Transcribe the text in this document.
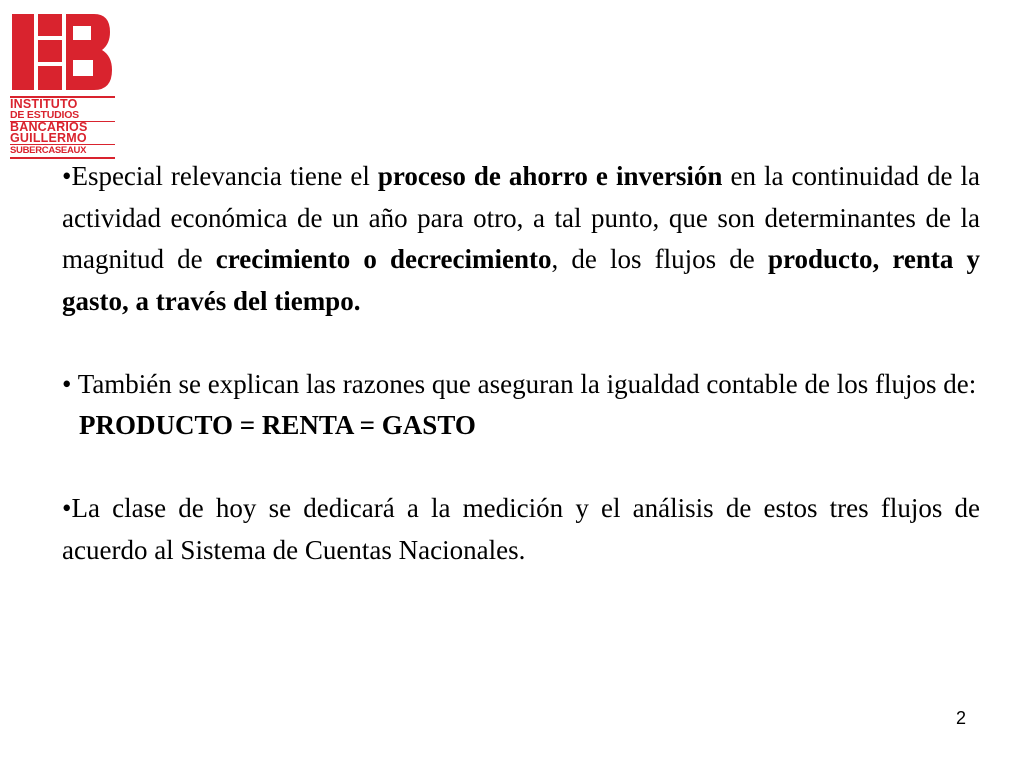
INSTITUTO
DE ESTUDIOS
BANCARIOS
GUILLERMO
SUBERCASEAUX

•Especial relevancia tiene el proceso de ahorro e inversión en la continuidad de la actividad económica de un año para otro, a tal punto, que son determinantes de la magnitud de crecimiento o decrecimiento, de los flujos de producto, renta y gasto, a través del tiempo.

• También se explican las razones que aseguran la igualdad contable de los flujos de:

PRODUCTO = RENTA = GASTO

•La clase de hoy se dedicará a la medición y el análisis de estos tres flujos de acuerdo al Sistema de Cuentas Nacionales.

2
